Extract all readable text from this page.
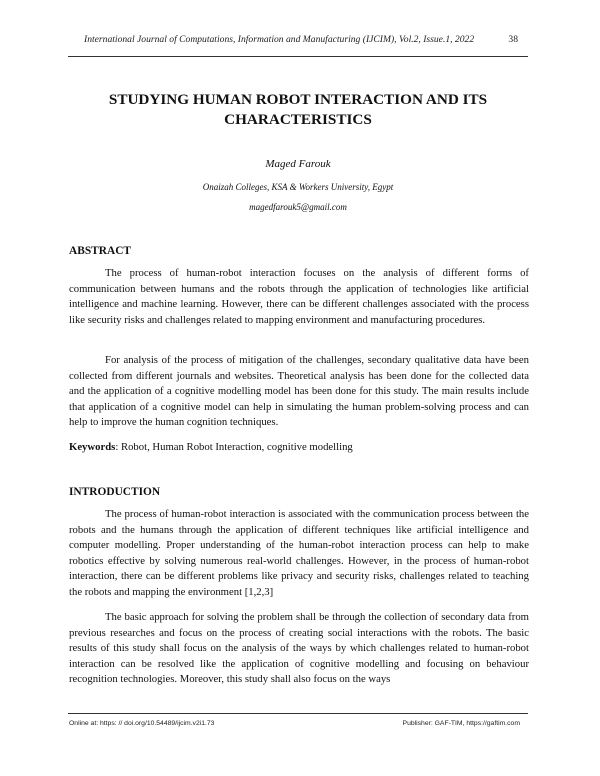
International Journal of Computations, Information and Manufacturing (IJCIM), Vol.2, Issue.1, 2022	38
STUDYING HUMAN ROBOT INTERACTION AND ITS
CHARACTERISTICS
Maged Farouk
Onaizah Colleges, KSA & Workers University, Egypt
magedfarouk5@gmail.com
ABSTRACT

The process of human-robot interaction focuses on the analysis of different forms of communication between humans and the robots through the application of technologies like artificial intelligence and machine learning. However, there can be different challenges associated with the process like security risks and challenges related to mapping environment and manufacturing procedures.

For analysis of the process of mitigation of the challenges, secondary qualitative data have been collected from different journals and websites. Theoretical analysis has been done for the collected data and the application of a cognitive modelling model has been done for this study. The main results include that application of a cognitive model can help in simulating the human problem-solving process and can help to improve the human cognition techniques.

Keywords: Robot, Human Robot Interaction, cognitive modelling
INTRODUCTION

The process of human-robot interaction is associated with the communication process between the robots and the humans through the application of different techniques like artificial intelligence and computer modelling. Proper understanding of the human-robot interaction process can help to make robotics effective by solving numerous real-world challenges. However, in the process of human-robot interaction, there can be different problems like privacy and security risks, challenges related to teaching the robots and mapping the environment [1,2,3]

The basic approach for solving the problem shall be through the collection of secondary data from previous researches and focus on the process of creating social interactions with the robots. The basic results of this study shall focus on the analysis of the ways by which challenges related to human-robot interaction can be resolved like the application of cognitive modelling and focusing on behaviour recognition technologies. Moreover, this study shall also focus on the ways

Online at: https: // doi.org/10.54489/ijcim.v2i1.73	Publisher: GAF-TIM, https://gaftim.com
